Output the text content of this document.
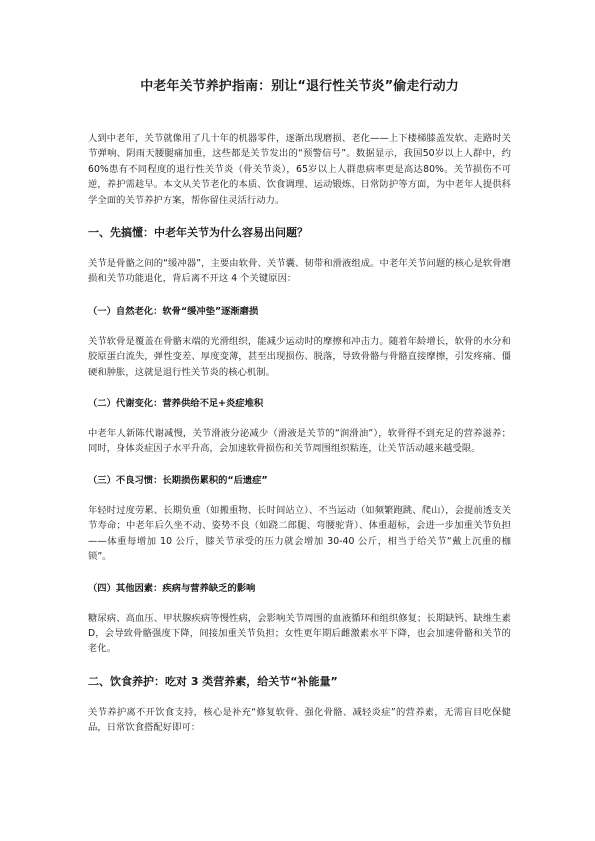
中老年关节养护指南：别让“退行性关节炎”偷走行动力

人到中老年，关节就像用了几十年的机器零件，逐渐出现磨损、老化——上下楼梯膝盖发软、走路时关节弹响、阴雨天腰腿痛加重，这些都是关节发出的“预警信号”。数据显示，我国50岁以上人群中，约60%患有不同程度的退行性关节炎（骨关节炎），65岁以上人群患病率更是高达80%。关节损伤不可逆，养护需趁早。本文从关节老化的本质、饮食调理、运动锻炼、日常防护等方面，为中老年人提供科学全面的关节养护方案，帮你留住灵活行动力。

一、先搞懂：中老年关节为什么容易出问题？

关节是骨骼之间的“缓冲器”，主要由软骨、关节囊、韧带和滑液组成。中老年关节问题的核心是软骨磨损和关节功能退化，背后离不开这 4 个关键原因：

（一）自然老化：软骨“缓冲垫”逐渐磨损

关节软骨是覆盖在骨骼末端的光滑组织，能减少运动时的摩擦和冲击力。随着年龄增长，软骨的水分和胶原蛋白流失，弹性变差、厚度变薄，甚至出现损伤、脱落，导致骨骼与骨骼直接摩擦，引发疼痛、僵硬和肿胀，这就是退行性关节炎的核心机制。

（二）代谢变化：营养供给不足+炎症堆积

中老年人新陈代谢减慢，关节滑液分泌减少（滑液是关节的“润滑油”），软骨得不到充足的营养滋养；同时，身体炎症因子水平升高，会加速软骨损伤和关节周围组织粘连，让关节活动越来越受限。

（三）不良习惯：长期损伤累积的“后遗症”

年轻时过度劳累、长期负重（如搬重物、长时间站立）、不当运动（如频繁跑跳、爬山），会提前透支关节寿命；中老年后久坐不动、姿势不良（如跷二郎腿、弯腰驼背）、体重超标，会进一步加重关节负担——体重每增加 10 公斤，膝关节承受的压力就会增加 30-40 公斤，相当于给关节“戴上沉重的枷锁”。

（四）其他因素：疾病与营养缺乏的影响

糖尿病、高血压、甲状腺疾病等慢性病，会影响关节周围的血液循环和组织修复；长期缺钙、缺维生素 D，会导致骨骼强度下降，间接加重关节负担；女性更年期后雌激素水平下降，也会加速骨骼和关节的老化。

二、饮食养护：吃对 3 类营养素，给关节“补能量”

关节养护离不开饮食支持，核心是补充“修复软骨、强化骨骼、减轻炎症”的营养素，无需盲目吃保健品，日常饮食搭配好即可：
